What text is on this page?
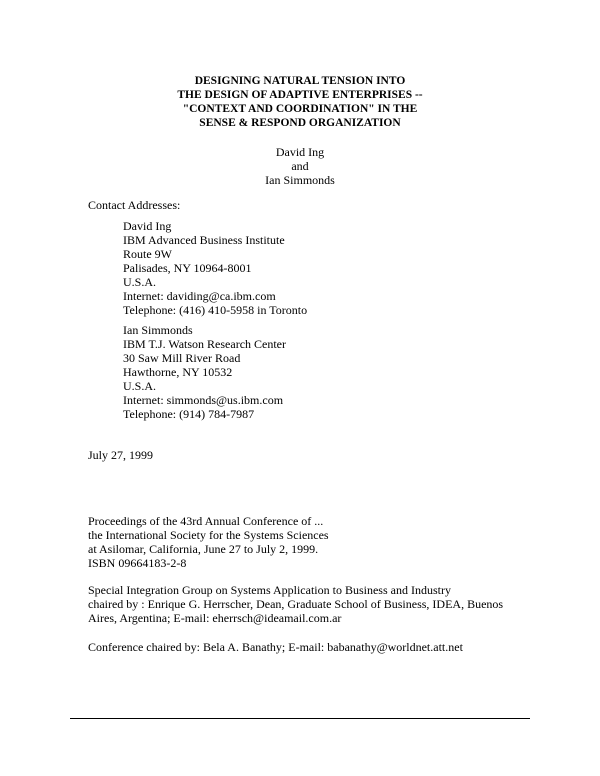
DESIGNING NATURAL TENSION INTO
THE DESIGN OF ADAPTIVE ENTERPRISES --
"CONTEXT AND COORDINATION" IN THE
SENSE & RESPOND ORGANIZATION
David Ing
and
Ian Simmonds
Contact Addresses:
David Ing
IBM Advanced Business Institute
Route 9W
Palisades, NY 10964-8001
U.S.A.
Internet: daviding@ca.ibm.com
Telephone: (416) 410-5958 in Toronto
Ian Simmonds
IBM T.J. Watson Research Center
30 Saw Mill River Road
Hawthorne, NY 10532
U.S.A.
Internet: simmonds@us.ibm.com
Telephone: (914) 784-7987
July 27, 1999
Proceedings of the 43rd Annual Conference of ...
the International Society for the Systems Sciences
at Asilomar, California, June 27 to July 2, 1999.
ISBN 09664183-2-8
Special Integration Group on Systems Application to Business and Industry
chaired by : Enrique G. Herrscher, Dean, Graduate School of Business, IDEA, Buenos
Aires, Argentina; E-mail: eherrsch@ideamail.com.ar
Conference chaired by: Bela A. Banathy; E-mail: babanathy@worldnet.att.net
